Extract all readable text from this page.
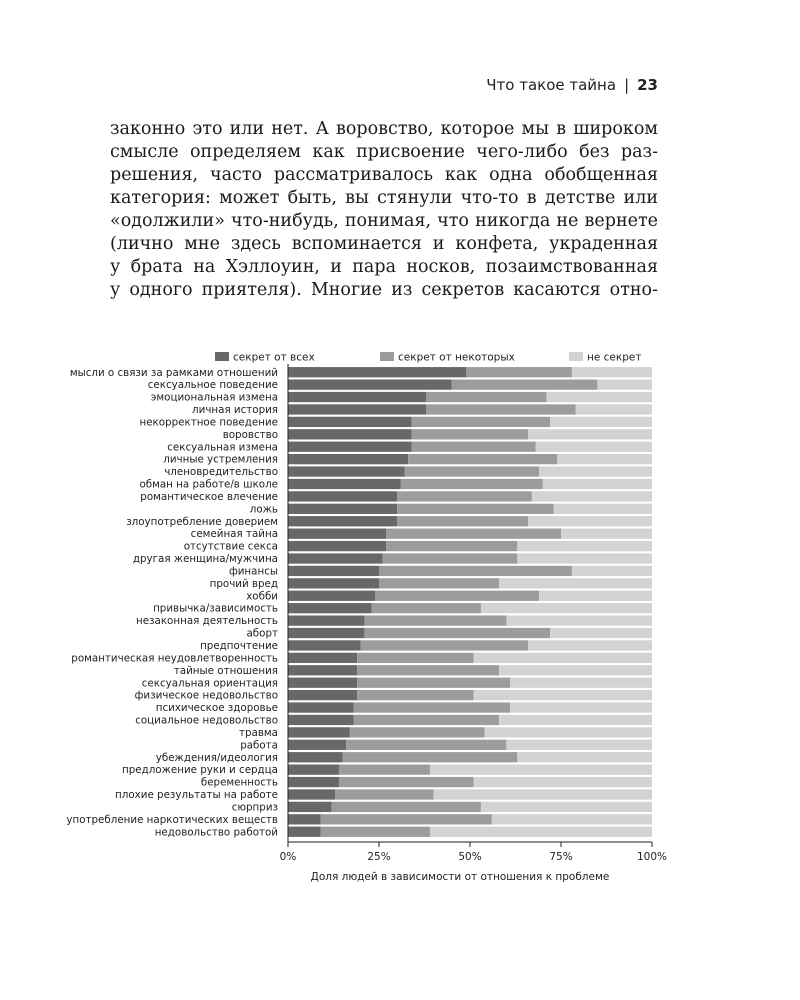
Что такое тайна | 23
законно это или нет. А воровство, которое мы в широком
смысле определяем как присвоение чего-либо без раз-
решения, часто рассматривалось как одна обобщенная
категория: может быть, вы стянули что-то в детстве или
«одолжили» что-нибудь, понимая, что никогда не вернете
(лично мне здесь вспоминается и конфета, украденная
у брата на Хэллоуин, и пара носков, позаимствованная
у одного приятеля). Многие из секретов касаются отно-
секрет от всех	секрет от некоторых	не секрет
мысли о связи за рамками отношений
сексуальное поведение
эмоциональная измена
личная история
некорректное поведение
воровство
сексуальная измена
личные устремления
членовредительство
обман на работе/в школе
романтическое влечение
ложь
злоупотребление доверием
семейная тайна
отсутствие секса
другая женщина/мужчина
финансы
прочий вред
хобби
привычка/зависимость
незаконная деятельность
аборт
предпочтение
романтическая неудовлетворенность
тайные отношения
сексуальная ориентация
физическое недовольство
психическое здоровье
социальное недовольство
травма
работа
убеждения/идеология
предложение руки и сердца
беременность
плохие результаты на работе
сюрприз
употребление наркотических веществ
недовольство работой
0%	25%	50%	75%	100%
Доля людей в зависимости от отношения к проблеме
